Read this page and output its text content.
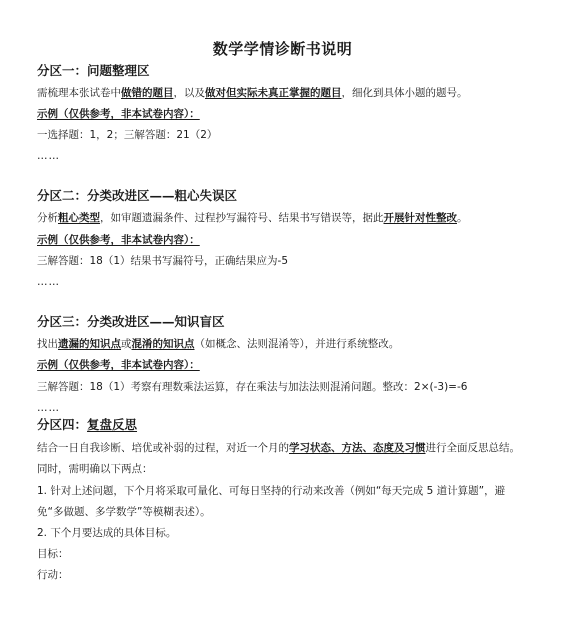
数学学情诊断书说明
分区一：问题整理区
需梳理本张试卷中做错的题目，以及做对但实际未真正掌握的题目，细化到具体小题的题号。
示例（仅供参考，非本试卷内容）：
一选择题：1，2；三解答题：21（2）
……
分区二：分类改进区——粗心失误区
分析粗心类型，如审题遗漏条件、过程抄写漏符号、结果书写错误等，据此开展针对性整改。
示例（仅供参考，非本试卷内容）：
三解答题：18（1）结果书写漏符号，正确结果应为-5
……
分区三：分类改进区——知识盲区
找出遗漏的知识点或混淆的知识点（如概念、法则混淆等），并进行系统整改。
示例（仅供参考，非本试卷内容）：
三解答题：18（1）考察有理数乘法运算，存在乘法与加法法则混淆问题。整改：2×(-3)=-6
……
分区四：复盘反思
结合一日自我诊断、培优或补弱的过程，对近一个月的学习状态、方法、态度及习惯进行全面反思总结。
同时，需明确以下两点：
1. 针对上述问题，下个月将采取可量化、可每日坚持的行动来改善（例如“每天完成 5 道计算题”，避
免“多做题、多学数学”等模糊表述）。
2. 下个月要达成的具体目标。
目标：
行动：
